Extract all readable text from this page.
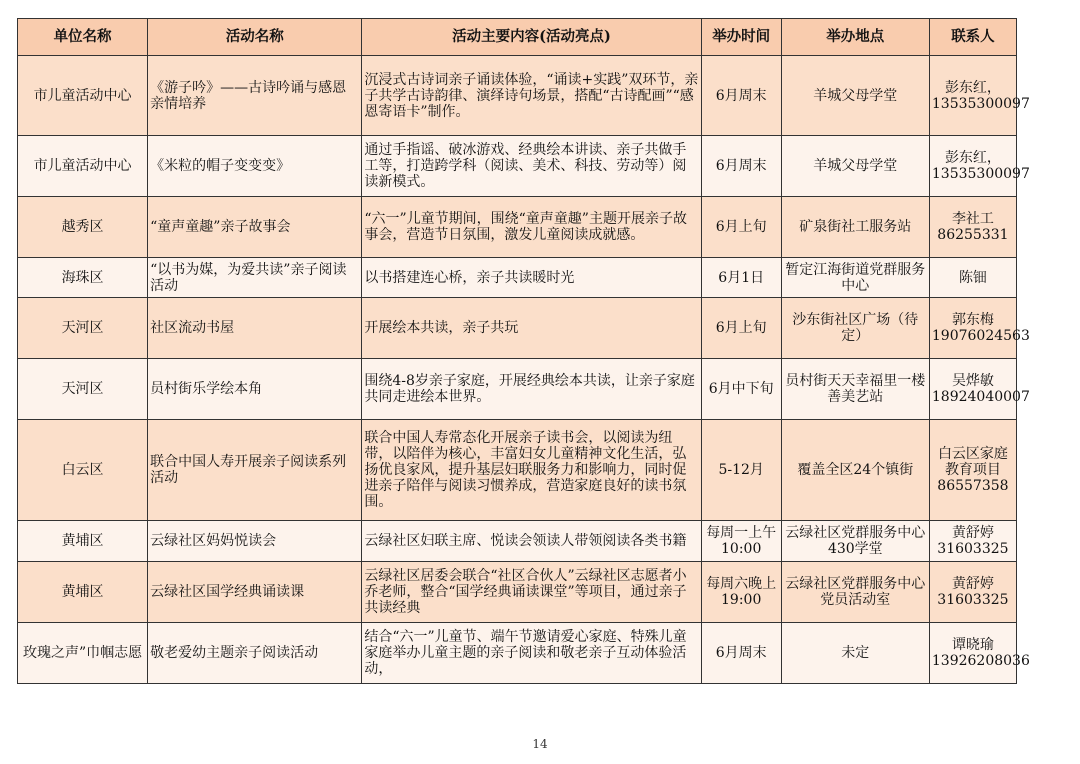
单位名称	活动名称	活动主要内容(活动亮点)	举办时间	举办地点	联系人
市儿童活动中心	《游子吟》——古诗吟诵与感恩亲情培养	沉浸式古诗词亲子诵读体验，“诵读+实践”双环节，亲子共学古诗韵律、演绎诗句场景，搭配“古诗配画”“感恩寄语卡”制作。	6月周末	羊城父母学堂	彭东红，13535300097
市儿童活动中心	《米粒的帽子变变变》	通过手指谣、破冰游戏、经典绘本讲读、亲子共做手工等，打造跨学科（阅读、美术、科技、劳动等）阅读新模式。	6月周末	羊城父母学堂	彭东红，13535300097
越秀区	“童声童趣”亲子故事会	“六一”儿童节期间，围绕“童声童趣”主题开展亲子故事会，营造节日氛围，激发儿童阅读成就感。	6月上旬	矿泉街社工服务站	李社工86255331
海珠区	“以书为媒，为爱共读”亲子阅读活动	以书搭建连心桥，亲子共读暖时光	6月1日	暂定江海街道党群服务中心	陈钿
天河区	社区流动书屋	开展绘本共读，亲子共玩	6月上旬	沙东街社区广场（待定）	郭东梅19076024563
天河区	员村街乐学绘本角	围绕4-8岁亲子家庭，开展经典绘本共读，让亲子家庭共同走进绘本世界。	6月中下旬	员村街天天幸福里一楼善美艺站	吴烨敏18924040007
白云区	联合中国人寿开展亲子阅读系列活动	联合中国人寿常态化开展亲子读书会，以阅读为纽带，以陪伴为核心，丰富妇女儿童精神文化生活，弘扬优良家风，提升基层妇联服务力和影响力，同时促进亲子陪伴与阅读习惯养成，营造家庭良好的读书氛围。	5-12月	覆盖全区24个镇街	白云区家庭教育项目86557358
黄埔区	云绿社区妈妈悦读会	云绿社区妇联主席、悦读会领读人带领阅读各类书籍	每周一上午10:00	云绿社区党群服务中心430学堂	黄舒婷31603325
黄埔区	云绿社区国学经典诵读课	云绿社区居委会联合“社区合伙人”云绿社区志愿者小乔老师，整合“国学经典诵读课堂”等项目，通过亲子共读经典	每周六晚上19:00	云绿社区党群服务中心党员活动室	黄舒婷31603325
玫瑰之声”巾帼志愿	敬老爱幼主题亲子阅读活动	结合“六一”儿童节、端午节邀请爱心家庭、特殊儿童家庭举办儿童主题的亲子阅读和敬老亲子互动体验活动，	6月周末	未定	谭晓瑜13926208036
14
